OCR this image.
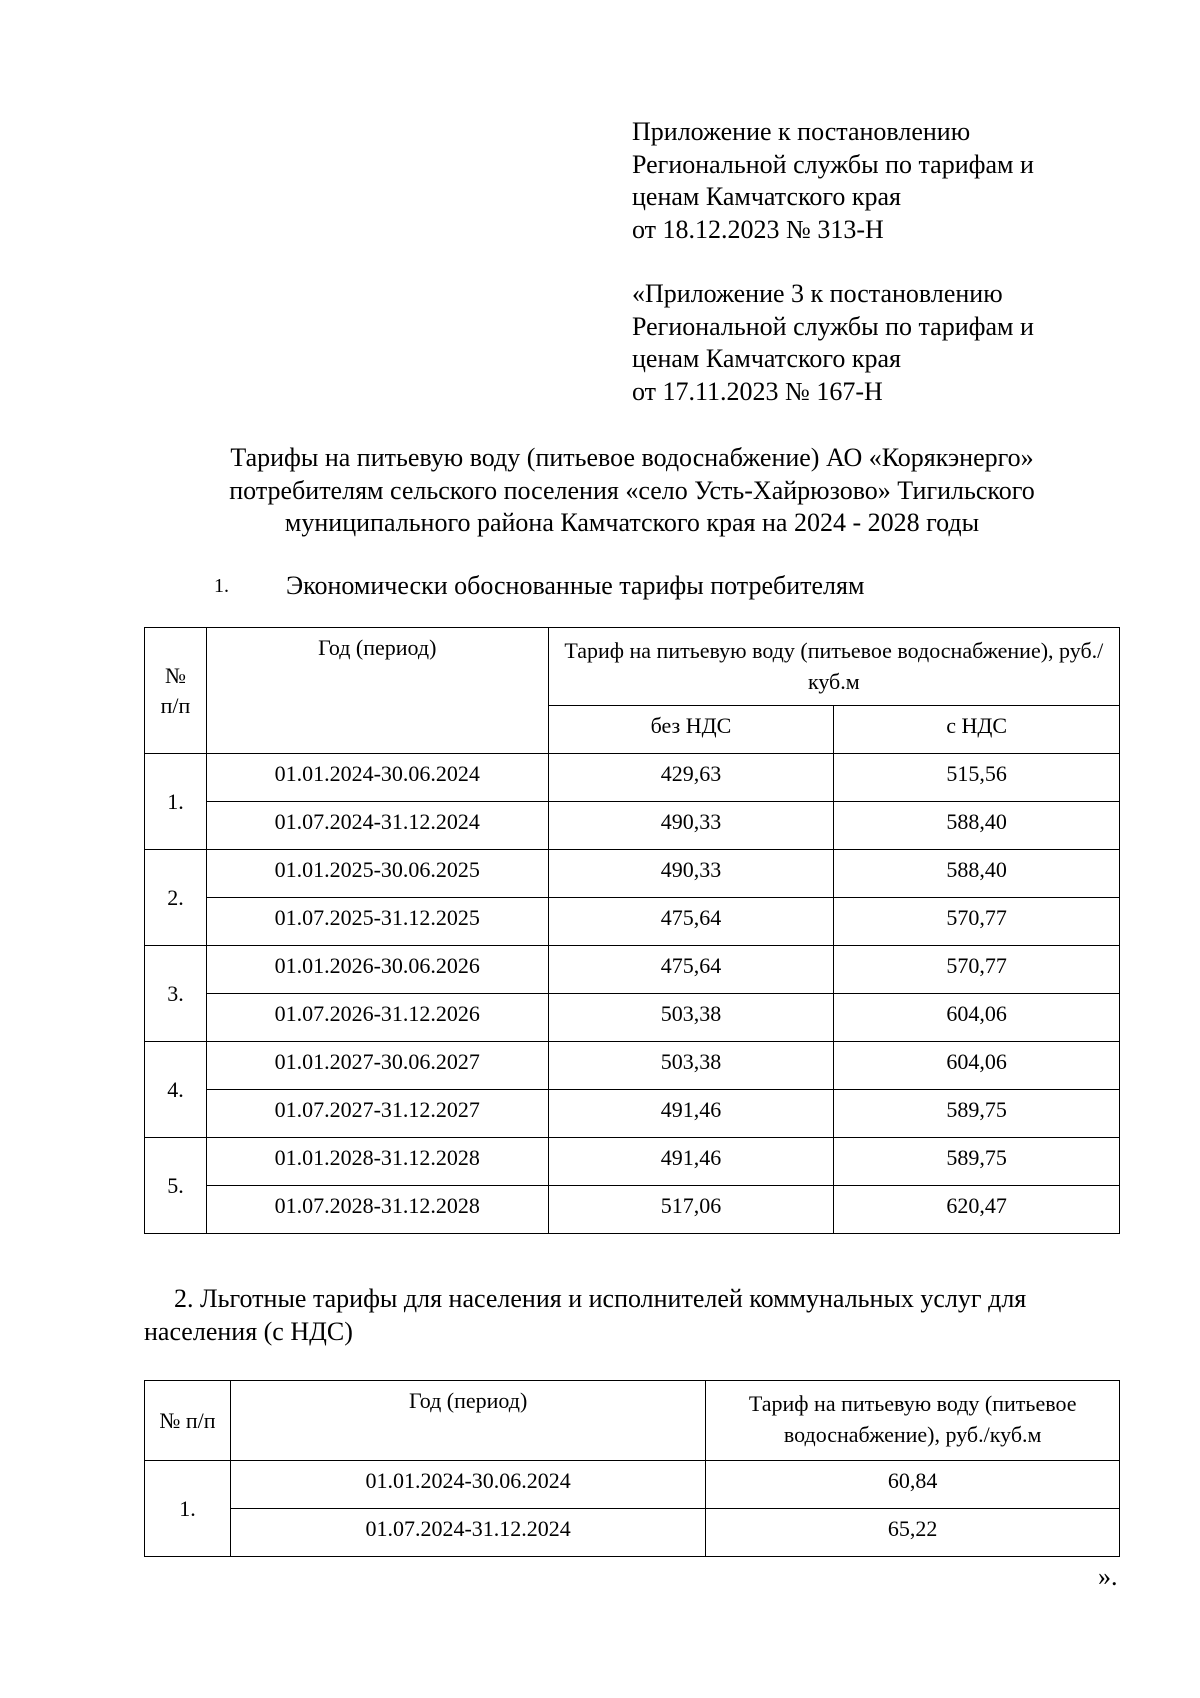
Приложение к постановлению
Региональной службы по тарифам и
ценам Камчатского края
от 18.12.2023 № 313-Н
«Приложение 3 к постановлению
Региональной службы по тарифам и
ценам Камчатского края
от 17.11.2023 № 167-Н
Тарифы на питьевую воду (питьевое водоснабжение) АО «Корякэнерго»
потребителям сельского поселения «село Усть-Хайрюзово» Тигильского
муниципального района Камчатского края на 2024 - 2028 годы
1. Экономически обоснованные тарифы потребителям
№ п/п	Год (период)	Тариф на питьевую воду (питьевое водоснабжение), руб./куб.м	
		без НДС	с НДС
1.	01.01.2024-30.06.2024	429,63	515,56
	01.07.2024-31.12.2024	490,33	588,40
2.	01.01.2025-30.06.2025	490,33	588,40
	01.07.2025-31.12.2025	475,64	570,77
3.	01.01.2026-30.06.2026	475,64	570,77
	01.07.2026-31.12.2026	503,38	604,06
4.	01.01.2027-30.06.2027	503,38	604,06
	01.07.2027-31.12.2027	491,46	589,75
5.	01.01.2028-31.12.2028	491,46	589,75
	01.07.2028-31.12.2028	517,06	620,47
2. Льготные тарифы для населения и исполнителей коммунальных услуг для
населения (с НДС)
№ п/п	Год (период)	Тариф на питьевую воду (питьевое
водоснабжение), руб./куб.м

1.	01.01.2024-30.06.2024	60,84
	01.07.2024-31.12.2024	65,22
».
